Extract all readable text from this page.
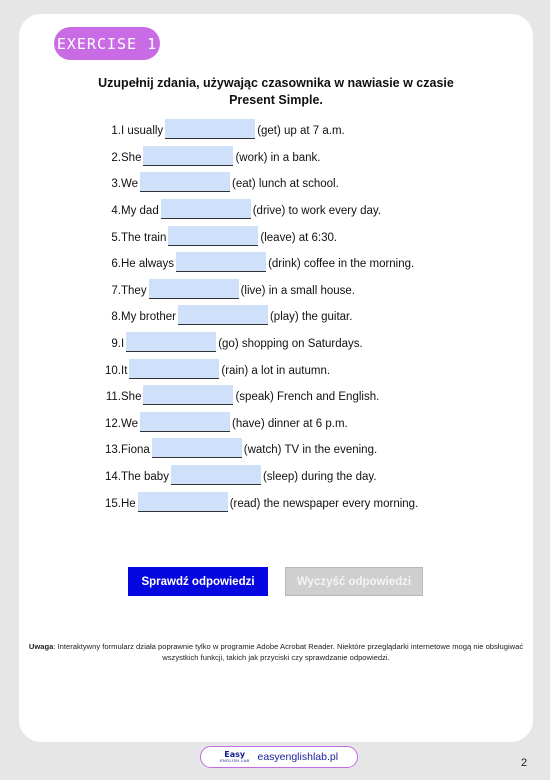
EXERCISE 1
Uzupełnij zdania, używając czasownika w nawiasie w czasie
Present Simple.
1. I usually	(get) up at 7 a.m.
2. She	(work) in a bank.
3. We	(eat) lunch at school.
4. My dad	(drive) to work every day.
5. The train	(leave) at 6:30.
6. He always	(drink) coffee in the morning.
7. They	(live) in a small house.
8. My brother	(play) the guitar.
9. I	(go) shopping on Saturdays.
10. It	(rain) a lot in autumn.
11. She	(speak) French and English.
12. We	(have) dinner at 6 p.m.
13. Fiona	(watch) TV in the evening.
14. The baby	(sleep) during the day.
15. He	(read) the newspaper every morning.
Sprawdź odpowiedzi	Wyczyść odpowiedzi
Uwaga: Interaktywny formularz działa poprawnie tylko w programie Adobe Acrobat Reader. Niektóre przeglądarki internetowe mogą nie obsługiwać wszystkich funkcji, takich jak przyciski czy sprawdzanie odpowiedzi.
Easy
ENGLISH LAB easyenglishlab.pl	2
